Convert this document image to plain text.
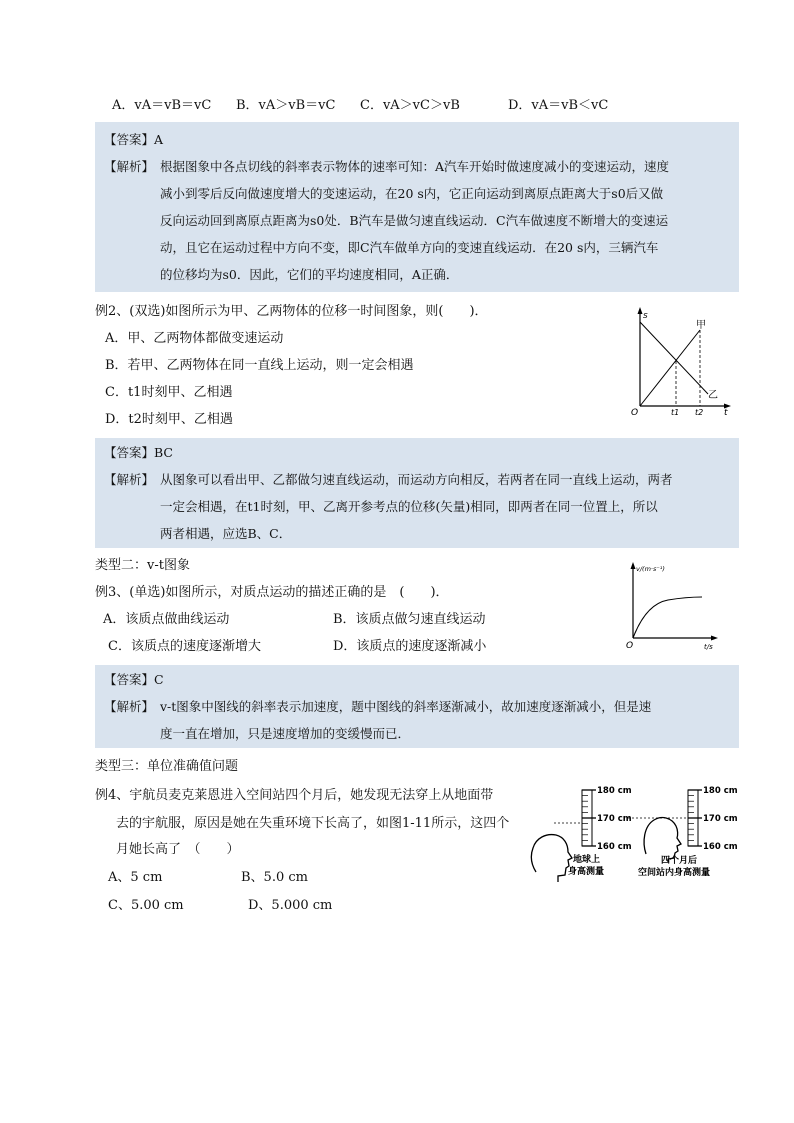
A．vA＝vB＝vC B．vA＞vB＝vC C．vA＞vC＞vB	D．vA＝vB＜vC
【答案】A
【解析】 根据图象中各点切线的斜率表示物体的速率可知：A汽车开始时做速度减小的变速运动，速度
减小到零后反向做速度增大的变速运动，在20 s内，它正向运动到离原点距离大于s0后又做
反向运动回到离原点距离为s0处．B汽车是做匀速直线运动．C汽车做速度不断增大的变速运
动，且它在运动过程中方向不变，即C汽车做单方向的变速直线运动．在20 s内，三辆汽车
的位移均为s0．因此，它们的平均速度相同，A正确．
例2、(双选)如图所示为甲、乙两物体的位移一时间图象，则(　　)．
A．甲、乙两物体都做变速运动
B．若甲、乙两物体在同一直线上运动，则一定会相遇
C．t1时刻甲、乙相遇
D．t2时刻甲、乙相遇
s
甲
乙
O	t1 t2 t
【答案】BC
【解析】 从图象可以看出甲、乙都做匀速直线运动，而运动方向相反，若两者在同一直线上运动，两者
一定会相遇，在t1时刻，甲、乙离开参考点的位移(矢量)相同，即两者在同一位置上，所以
两者相遇，应选B、C．
类型二：v-t图象
例3、(单选)如图所示，对质点运动的描述正确的是　(　　)．
A．该质点做曲线运动	B．该质点做匀速直线运动
C．该质点的速度逐渐增大	D．该质点的速度逐渐减小
v/(m·s⁻¹)
O	t/s
【答案】C
【解析】 v-t图象中图线的斜率表示加速度，题中图线的斜率逐渐减小，故加速度逐渐减小，但是速
度一直在增加，只是速度增加的变缓慢而已．
类型三：单位准确值问题
例4、宇航员麦克莱恩进入空间站四个月后，她发现无法穿上从地面带
去的宇航服，原因是她在失重环境下长高了，如图1-11所示，这四个
月她长高了　（　　）
A、5 cm	B、5.0 cm
C、5.00 cm	D、5.000 cm
180 cm
170 cm
160 cm
地球上
身高测量
180 cm
170 cm
160 cm
四个月后
空间站内身高测量
